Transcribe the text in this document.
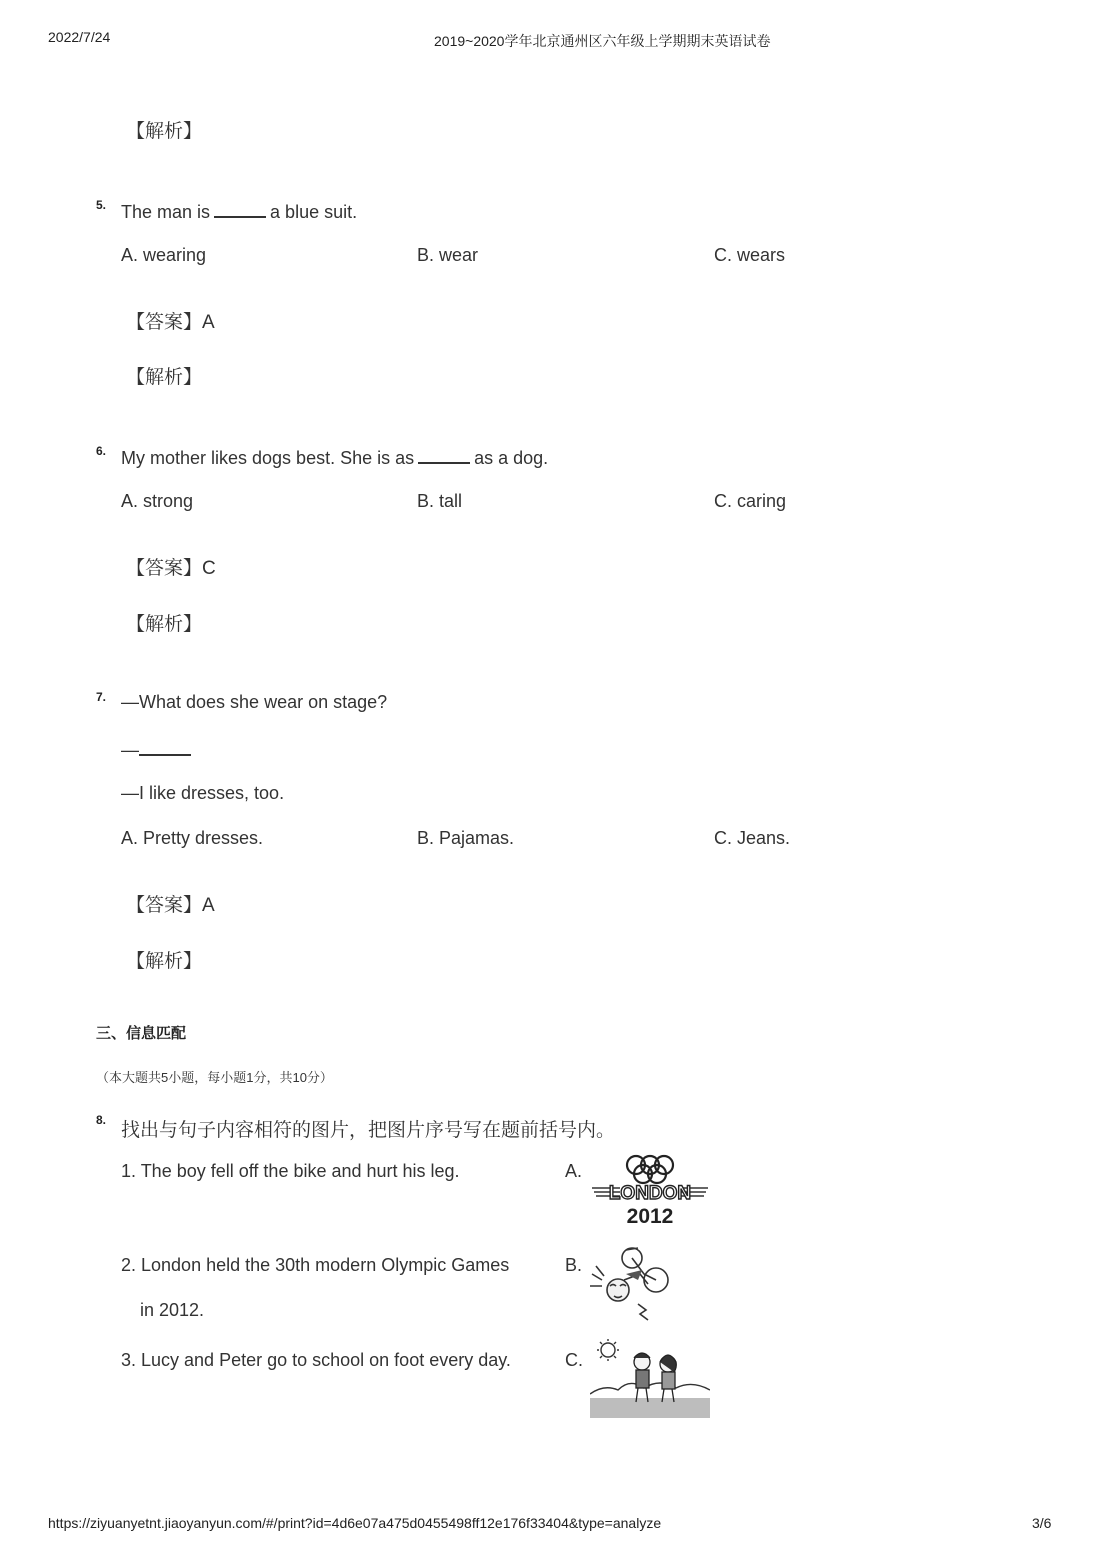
2022/7/24	2019~2020学年北京通州区六年级上学期期末英语试卷
【解析】
5. The man is	a blue suit.
A. wearing	B. wear	C. wears
【答案】A
【解析】
6. My mother likes dogs best. She is as	as a dog.
A. strong	B. tall	C. caring
【答案】C
【解析】
7. —What does she wear on stage?
—
—I like dresses, too.
A. Pretty dresses.	B. Pajamas.	C. Jeans.
【答案】A
【解析】
三、信息匹配
（本大题共5小题，每小题1分，共10分）
8. 找出与句子内容相符的图片，把图片序号写在题前括号内。
1. The boy fell off the bike and hurt his leg.
2. London held the 30th modern Olympic Games
in 2012.
3. Lucy and Peter go to school on foot every day.
A.
B.
C.
LONDON
2012
https://ziyuanyetnt.jiaoyanyun.com/#/print?id=4d6e07a475d0455498ff12e176f33404&type=analyze	3/6
